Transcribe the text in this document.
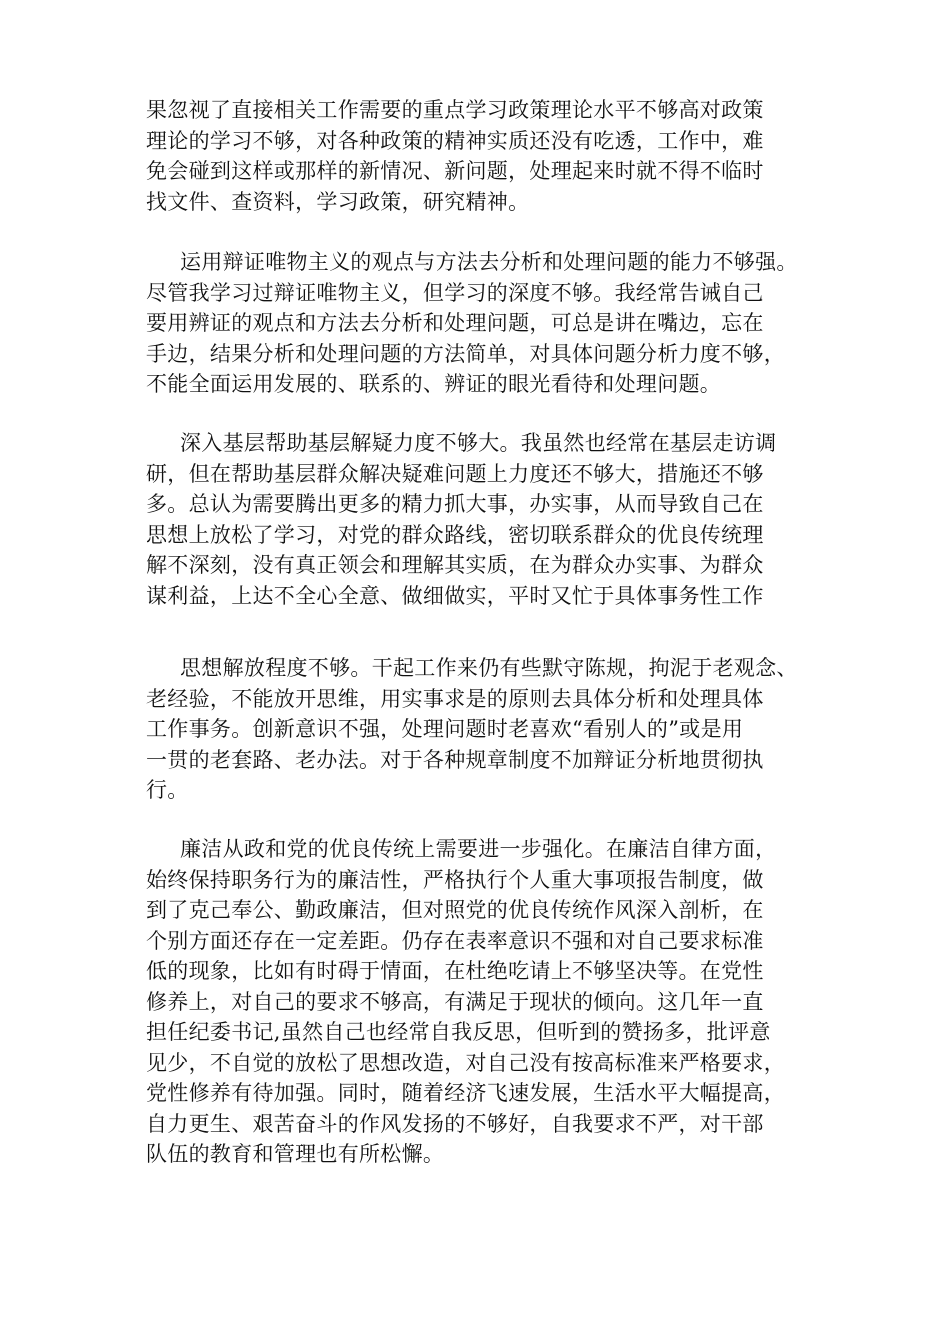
果忽视了直接相关工作需要的重点学习政策理论水平不够高对政策
理论的学习不够，对各种政策的精神实质还没有吃透，工作中，难
免会碰到这样或那样的新情况、新问题，处理起来时就不得不临时
找文件、查资料，学习政策，研究精神。
运用辩证唯物主义的观点与方法去分析和处理问题的能力不够强。
尽管我学习过辩证唯物主义，但学习的深度不够。我经常告诫自己
要用辨证的观点和方法去分析和处理问题，可总是讲在嘴边，忘在
手边，结果分析和处理问题的方法简单，对具体问题分析力度不够，
不能全面运用发展的、联系的、辨证的眼光看待和处理问题。
深入基层帮助基层解疑力度不够大。我虽然也经常在基层走访调
研，但在帮助基层群众解决疑难问题上力度还不够大，措施还不够
多。总认为需要腾出更多的精力抓大事，办实事，从而导致自己在
思想上放松了学习，对党的群众路线，密切联系群众的优良传统理
解不深刻，没有真正领会和理解其实质，在为群众办实事、为群众
谋利益，上达不全心全意、做细做实，平时又忙于具体事务性工作
思想解放程度不够。干起工作来仍有些默守陈规，拘泥于老观念、
老经验，不能放开思维，用实事求是的原则去具体分析和处理具体
工作事务。创新意识不强，处理问题时老喜欢“看别人的”或是用
一贯的老套路、老办法。对于各种规章制度不加辩证分析地贯彻执
行。
廉洁从政和党的优良传统上需要进一步强化。在廉洁自律方面，
始终保持职务行为的廉洁性，严格执行个人重大事项报告制度，做
到了克己奉公、勤政廉洁，但对照党的优良传统作风深入剖析，在
个别方面还存在一定差距。仍存在表率意识不强和对自己要求标准
低的现象，比如有时碍于情面，在杜绝吃请上不够坚决等。在党性
修养上，对自己的要求不够高，有满足于现状的倾向。这几年一直
担任纪委书记,虽然自己也经常自我反思，但听到的赞扬多，批评意
见少，不自觉的放松了思想改造，对自己没有按高标准来严格要求，
党性修养有待加强。同时，随着经济飞速发展，生活水平大幅提高，
自力更生、艰苦奋斗的作风发扬的不够好，自我要求不严，对干部
队伍的教育和管理也有所松懈。
